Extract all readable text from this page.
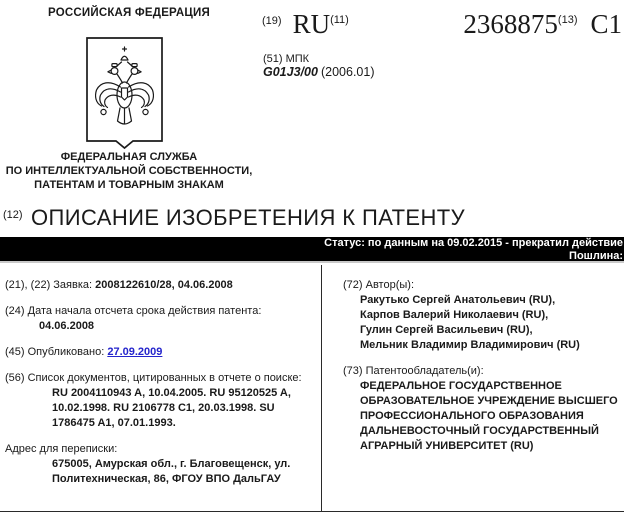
РОССИЙСКАЯ ФЕДЕРАЦИЯ
ФЕДЕРАЛЬНАЯ СЛУЖБА
ПО ИНТЕЛЛЕКТУАЛЬНОЙ СОБСТВЕННОСТИ,
ПАТЕНТАМ И ТОВАРНЫМ ЗНАКАМ
$^{(19)}$ RU$^{(11)}$
(51) МПК
G01J3/00 (2006.01)
2368875$^{(13)}$ C1
$^{(12)}$ ОПИСАНИЕ ИЗОБРЕТЕНИЯ К ПАТЕНТУ
Статус: по данным на 09.02.2015 - прекратил действие
Пошлина:

(21), (22) Заявка: 2008122610/28, 04.06.2008

(24) Дата начала отсчета срока действия патента: 04.06.2008

(45) Опубликовано: 27.09.2009

(56) Список документов, цитированных в отчете о поиске: RU 2004110943 A, 10.04.2005. RU 95120525 A, 10.02.1998. RU 2106778 C1, 20.03.1998. SU 1786475 A1, 07.01.1993.

Адрес для переписки:
675005, Амурская обл., г. Благовещенск, ул. Политехническая, 86, ФГОУ ВПО ДальГАУ

(72) Автор(ы):

Ракутько Сергей Анатольевич (RU),
Карпов Валерий Николаевич (RU),
Гулин Сергей Васильевич (RU),
Мельник Владимир Владимирович (RU)

(73) Патентообладатель(и):

ФЕДЕРАЛЬНОЕ ГОСУДАРСТВЕННОЕ ОБРАЗОВАТЕЛЬНОЕ УЧРЕЖДЕНИЕ ВЫСШЕГО ПРОФЕССИОНАЛЬНОГО ОБРАЗОВАНИЯ ДАЛЬНЕВОСТОЧНЫЙ ГОСУДАРСТВЕННЫЙ АГРАРНЫЙ УНИВЕРСИТЕТ (RU)
